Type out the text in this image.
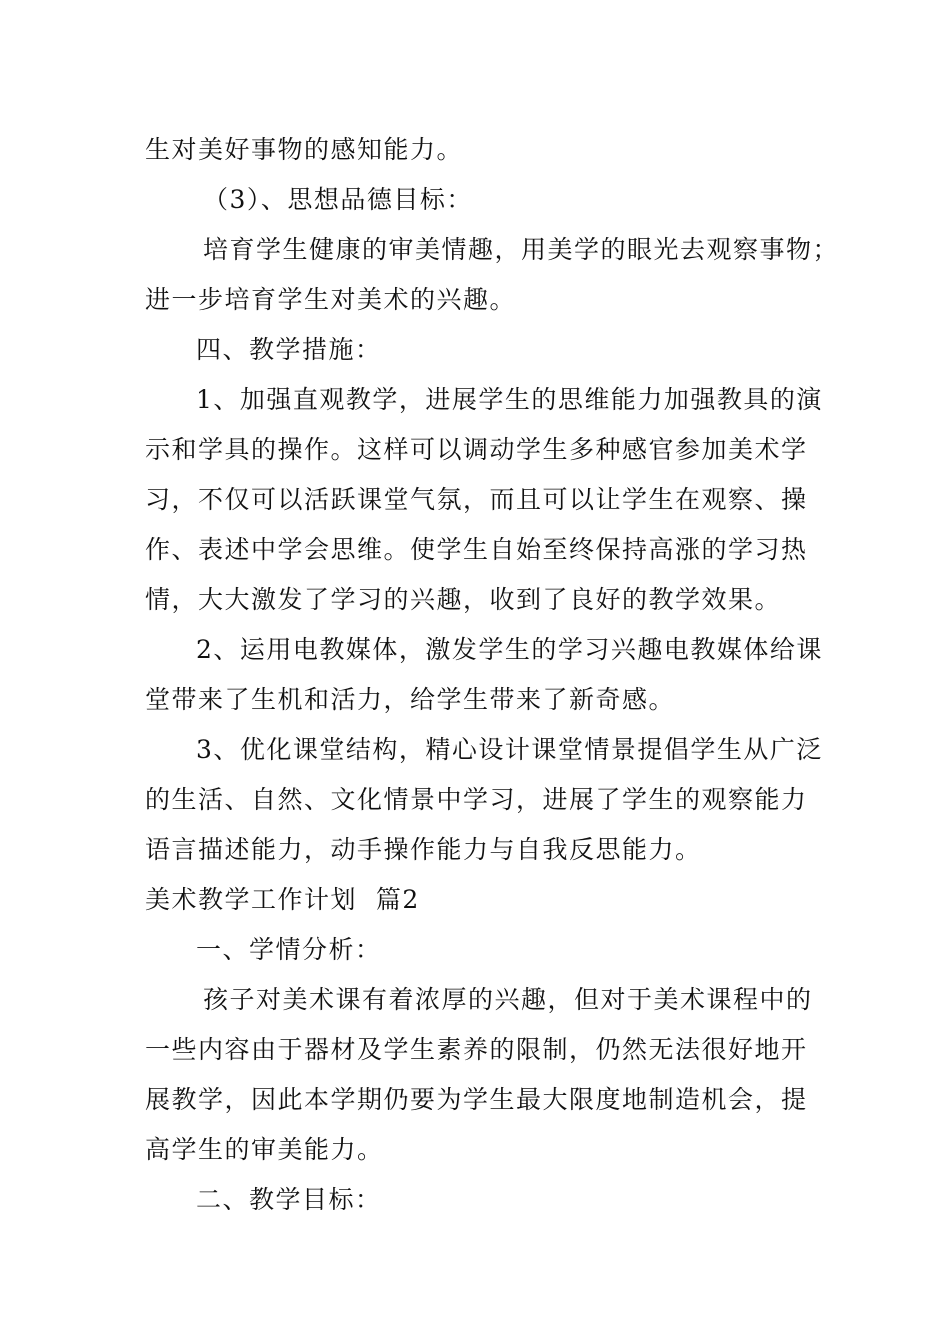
生对美好事物的感知能力。
（3）、思想品德目标：
培育学生健康的审美情趣，用美学的眼光去观察事物；
进一步培育学生对美术的兴趣。
四、教学措施：
1、加强直观教学，进展学生的思维能力加强教具的演
示和学具的操作。这样可以调动学生多种感官参加美术学
习，不仅可以活跃课堂气氛，而且可以让学生在观察、操
作、表述中学会思维。使学生自始至终保持高涨的学习热
情，大大激发了学习的兴趣，收到了良好的教学效果。
2、运用电教媒体，激发学生的学习兴趣电教媒体给课
堂带来了生机和活力，给学生带来了新奇感。
3、优化课堂结构，精心设计课堂情景提倡学生从广泛
的生活、自然、文化情景中学习，进展了学生的观察能力
语言描述能力，动手操作能力与自我反思能力。
美术教学工作计划  篇2
一、学情分析：
孩子对美术课有着浓厚的兴趣，但对于美术课程中的
一些内容由于器材及学生素养的限制，仍然无法很好地开
展教学，因此本学期仍要为学生最大限度地制造机会，提
高学生的审美能力。
二、教学目标：
